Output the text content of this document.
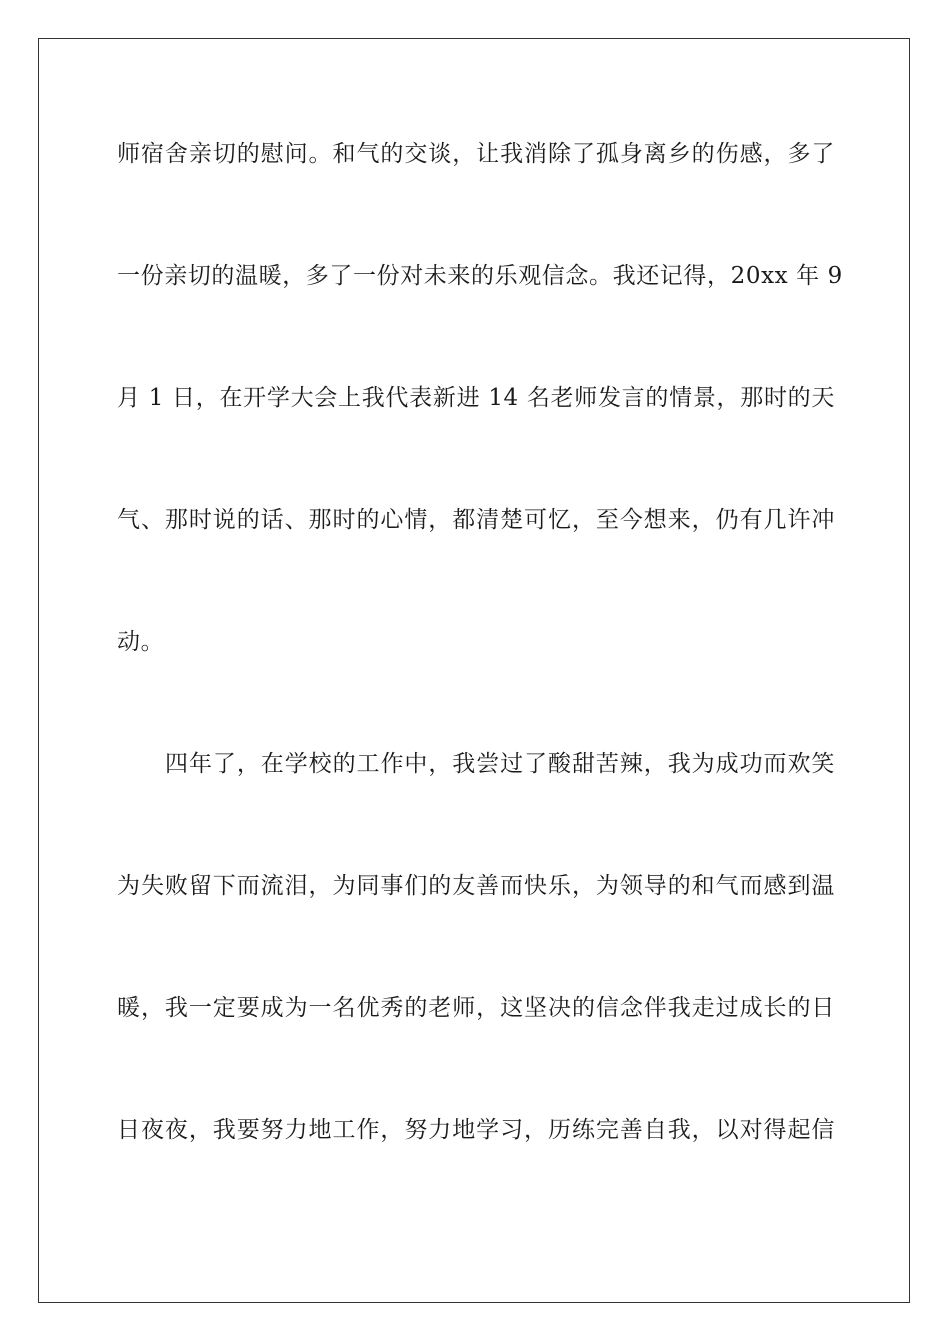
师宿舍亲切的慰问。和气的交谈，让我消除了孤身离乡的伤感，多了
一份亲切的温暖，多了一份对未来的乐观信念。我还记得，20xx 年 9
月 1 日，在开学大会上我代表新进 14 名老师发言的情景，那时的天
气、那时说的话、那时的心情，都清楚可忆，至今想来，仍有几许冲
动。
四年了，在学校的工作中，我尝过了酸甜苦辣，我为成功而欢笑
为失败留下而流泪，为同事们的友善而快乐，为领导的和气而感到温
暖，我一定要成为一名优秀的老师，这坚决的信念伴我走过成长的日
日夜夜，我要努力地工作，努力地学习，历练完善自我，以对得起信
